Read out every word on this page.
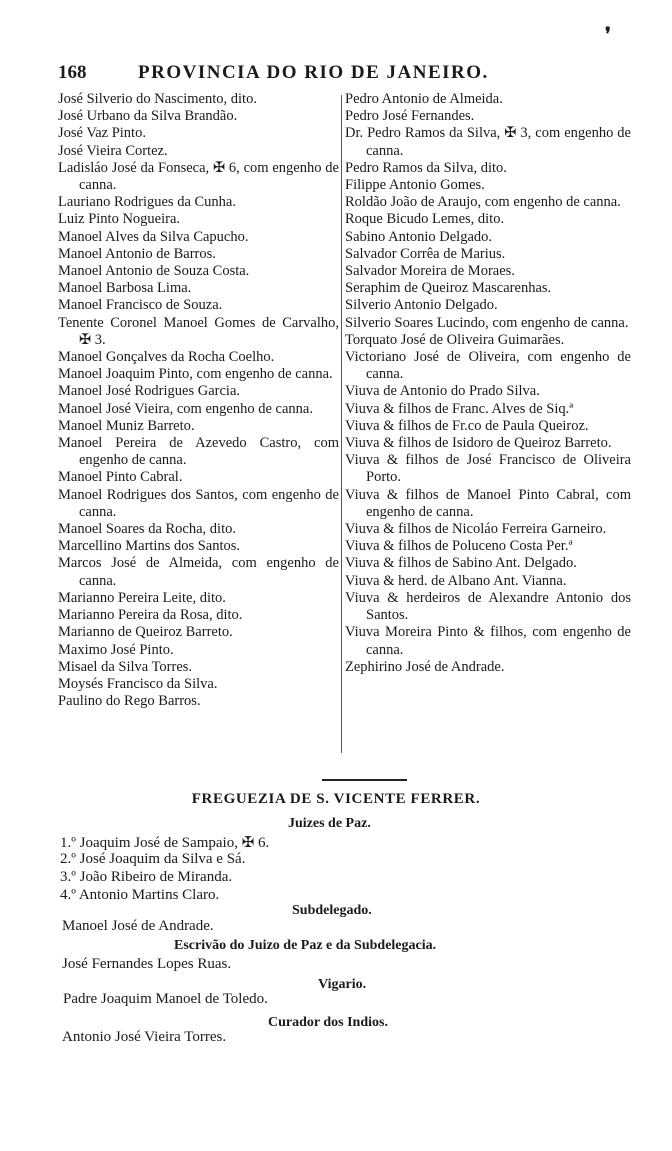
❜
168	PROVINCIA DO RIO DE JANEIRO.

José Silverio do Nascimento, dito.

José Urbano da Silva Brandão.

José Vaz Pinto.

José Vieira Cortez.

Ladisláo José da Fonseca, ✠ 6, com engenho de canna.

Lauriano Rodrigues da Cunha.

Luiz Pinto Nogueira.

Manoel Alves da Silva Capucho.

Manoel Antonio de Barros.

Manoel Antonio de Souza Costa.

Manoel Barbosa Lima.

Manoel Francisco de Souza.

Tenente Coronel Manoel Gomes de Carvalho, ✠ 3.

Manoel Gonçalves da Rocha Coelho.

Manoel Joaquim Pinto, com engenho de canna.

Manoel José Rodrigues Garcia.

Manoel José Vieira, com engenho de canna.

Manoel Muniz Barreto.

Manoel Pereira de Azevedo Castro, com engenho de canna.

Manoel Pinto Cabral.

Manoel Rodrigues dos Santos, com engenho de canna.

Manoel Soares da Rocha, dito.

Marcellino Martins dos Santos.

Marcos José de Almeida, com engenho de canna.

Marianno Pereira Leite, dito.

Marianno Pereira da Rosa, dito.

Marianno de Queiroz Barreto.

Maximo José Pinto.

Misael da Silva Torres.

Moysés Francisco da Silva.

Paulino do Rego Barros.

Pedro Antonio de Almeida.

Pedro José Fernandes.

Dr. Pedro Ramos da Silva, ✠ 3, com engenho de canna.

Pedro Ramos da Silva, dito.

Filippe Antonio Gomes.

Roldão João de Araujo, com engenho de canna.

Roque Bicudo Lemes, dito.

Sabino Antonio Delgado.

Salvador Corrêa de Marius.

Salvador Moreira de Moraes.

Seraphim de Queiroz Mascarenhas.

Silverio Antonio Delgado.

Silverio Soares Lucindo, com engenho de canna.

Torquato José de Oliveira Guimarães.

Victoriano José de Oliveira, com engenho de canna.

Viuva de Antonio do Prado Silva.

Viuva & filhos de Franc. Alves de Siq.ª

Viuva & filhos de Fr.co de Paula Queiroz.

Viuva & filhos de Isidoro de Queiroz Barreto.

Viuva & filhos de José Francisco de Oliveira Porto.

Viuva & filhos de Manoel Pinto Cabral, com engenho de canna.

Viuva & filhos de Nicoláo Ferreira Garneiro.

Viuva & filhos de Poluceno Costa Per.ª

Viuva & filhos de Sabino Ant. Delgado.

Viuva & herd. de Albano Ant. Vianna.

Viuva & herdeiros de Alexandre Antonio dos Santos.

Viuva Moreira Pinto & filhos, com engenho de canna.

Zephirino José de Andrade.

FREGUEZIA DE S. VICENTE FERRER.
Juizes de Paz.
1.º Joaquim José de Sampaio, ✠ 6.
2.º José Joaquim da Silva e Sá.
3.º João Ribeiro de Miranda.
4.º Antonio Martins Claro.
Subdelegado.
Manoel José de Andrade.
Escrivão do Juizo de Paz e da Subdelegacia.
José Fernandes Lopes Ruas.
Vigario.
Padre Joaquim Manoel de Toledo.
Curador dos Indios.
Antonio José Vieira Torres.
